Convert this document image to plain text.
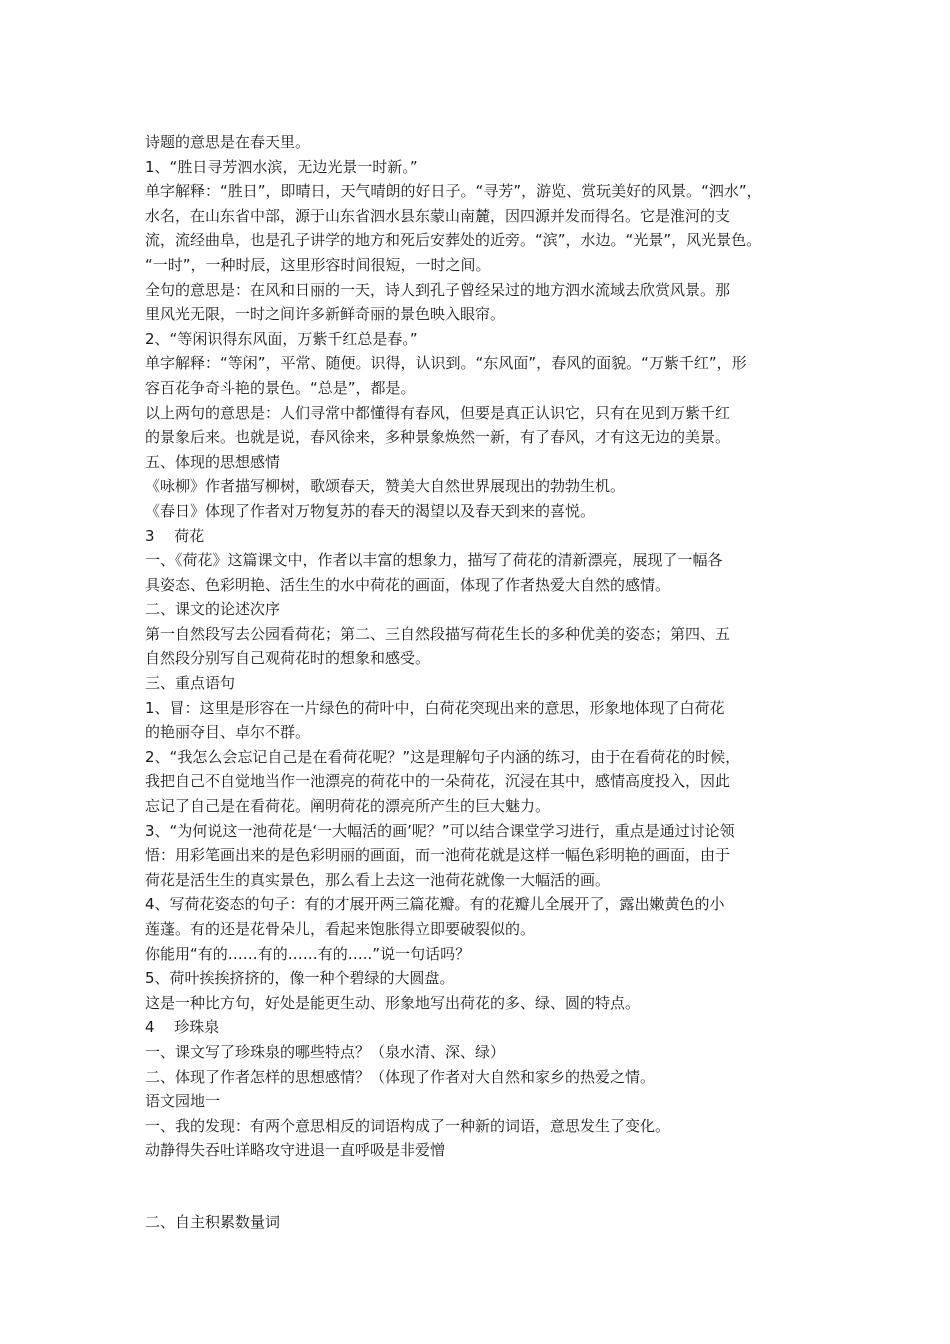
诗题的意思是在春天里。
1、“胜日寻芳泗水滨，无边光景一时新。”
单字解释：“胜日”，即晴日，天气晴朗的好日子。“寻芳”，游览、赏玩美好的风景。“泗水”，
水名，在山东省中部，源于山东省泗水县东蒙山南麓，因四源并发而得名。它是淮河的支
流，流经曲阜，也是孔子讲学的地方和死后安葬处的近旁。“滨”，水边。“光景”，风光景色。
“一时”，一种时辰，这里形容时间很短，一时之间。
全句的意思是：在风和日丽的一天，诗人到孔子曾经呆过的地方泗水流域去欣赏风景。那
里风光无限，一时之间许多新鲜奇丽的景色映入眼帘。
2、“等闲识得东风面，万紫千红总是春。”
单字解释：“等闲”，平常、随便。识得，认识到。“东风面”，春风的面貌。“万紫千红”，形
容百花争奇斗艳的景色。“总是”，都是。
以上两句的意思是：人们寻常中都懂得有春风，但要是真正认识它，只有在见到万紫千红
的景象后来。也就是说，春风徐来，多种景象焕然一新，有了春风，才有这无边的美景。
五、体现的思想感情
《咏柳》作者描写柳树，歌颂春天，赞美大自然世界展现出的勃勃生机。
《春日》体现了作者对万物复苏的春天的渴望以及春天到来的喜悦。
3　 荷花
一、《荷花》这篇课文中，作者以丰富的想象力，描写了荷花的清新漂亮，展现了一幅各
具姿态、色彩明艳、活生生的水中荷花的画面，体现了作者热爱大自然的感情。
二、课文的论述次序
第一自然段写去公园看荷花；第二、三自然段描写荷花生长的多种优美的姿态；第四、五
自然段分别写自己观荷花时的想象和感受。
三、重点语句
1、冒：这里是形容在一片绿色的荷叶中，白荷花突现出来的意思，形象地体现了白荷花
的艳丽夺目、卓尔不群。
2、“我怎么会忘记自己是在看荷花呢？”这是理解句子内涵的练习，由于在看荷花的时候，
我把自己不自觉地当作一池漂亮的荷花中的一朵荷花，沉浸在其中，感情高度投入，因此
忘记了自己是在看荷花。阐明荷花的漂亮所产生的巨大魅力。
3、“为何说这一池荷花是‘一大幅活的画’呢？”可以结合课堂学习进行，重点是通过讨论领
悟：用彩笔画出来的是色彩明丽的画面，而一池荷花就是这样一幅色彩明艳的画面，由于
荷花是活生生的真实景色，那么看上去这一池荷花就像一大幅活的画。
4、写荷花姿态的句子：有的才展开两三篇花瓣。有的花瓣儿全展开了，露出嫩黄色的小
莲蓬。有的还是花骨朵儿，看起来饱胀得立即要破裂似的。
你能用“有的……有的……有的…..”说一句话吗？
5、荷叶挨挨挤挤的，像一种个碧绿的大圆盘。
这是一种比方句，好处是能更生动、形象地写出荷花的多、绿、圆的特点。
4　 珍珠泉
一、课文写了珍珠泉的哪些特点？（泉水清、深、绿）
二、体现了作者怎样的思想感情？（体现了作者对大自然和家乡的热爱之情。
语文园地一
一、我的发现：有两个意思相反的词语构成了一种新的词语，意思发生了变化。
动静得失吞吐详略攻守进退一直呼吸是非爱憎
二、自主积累数量词
